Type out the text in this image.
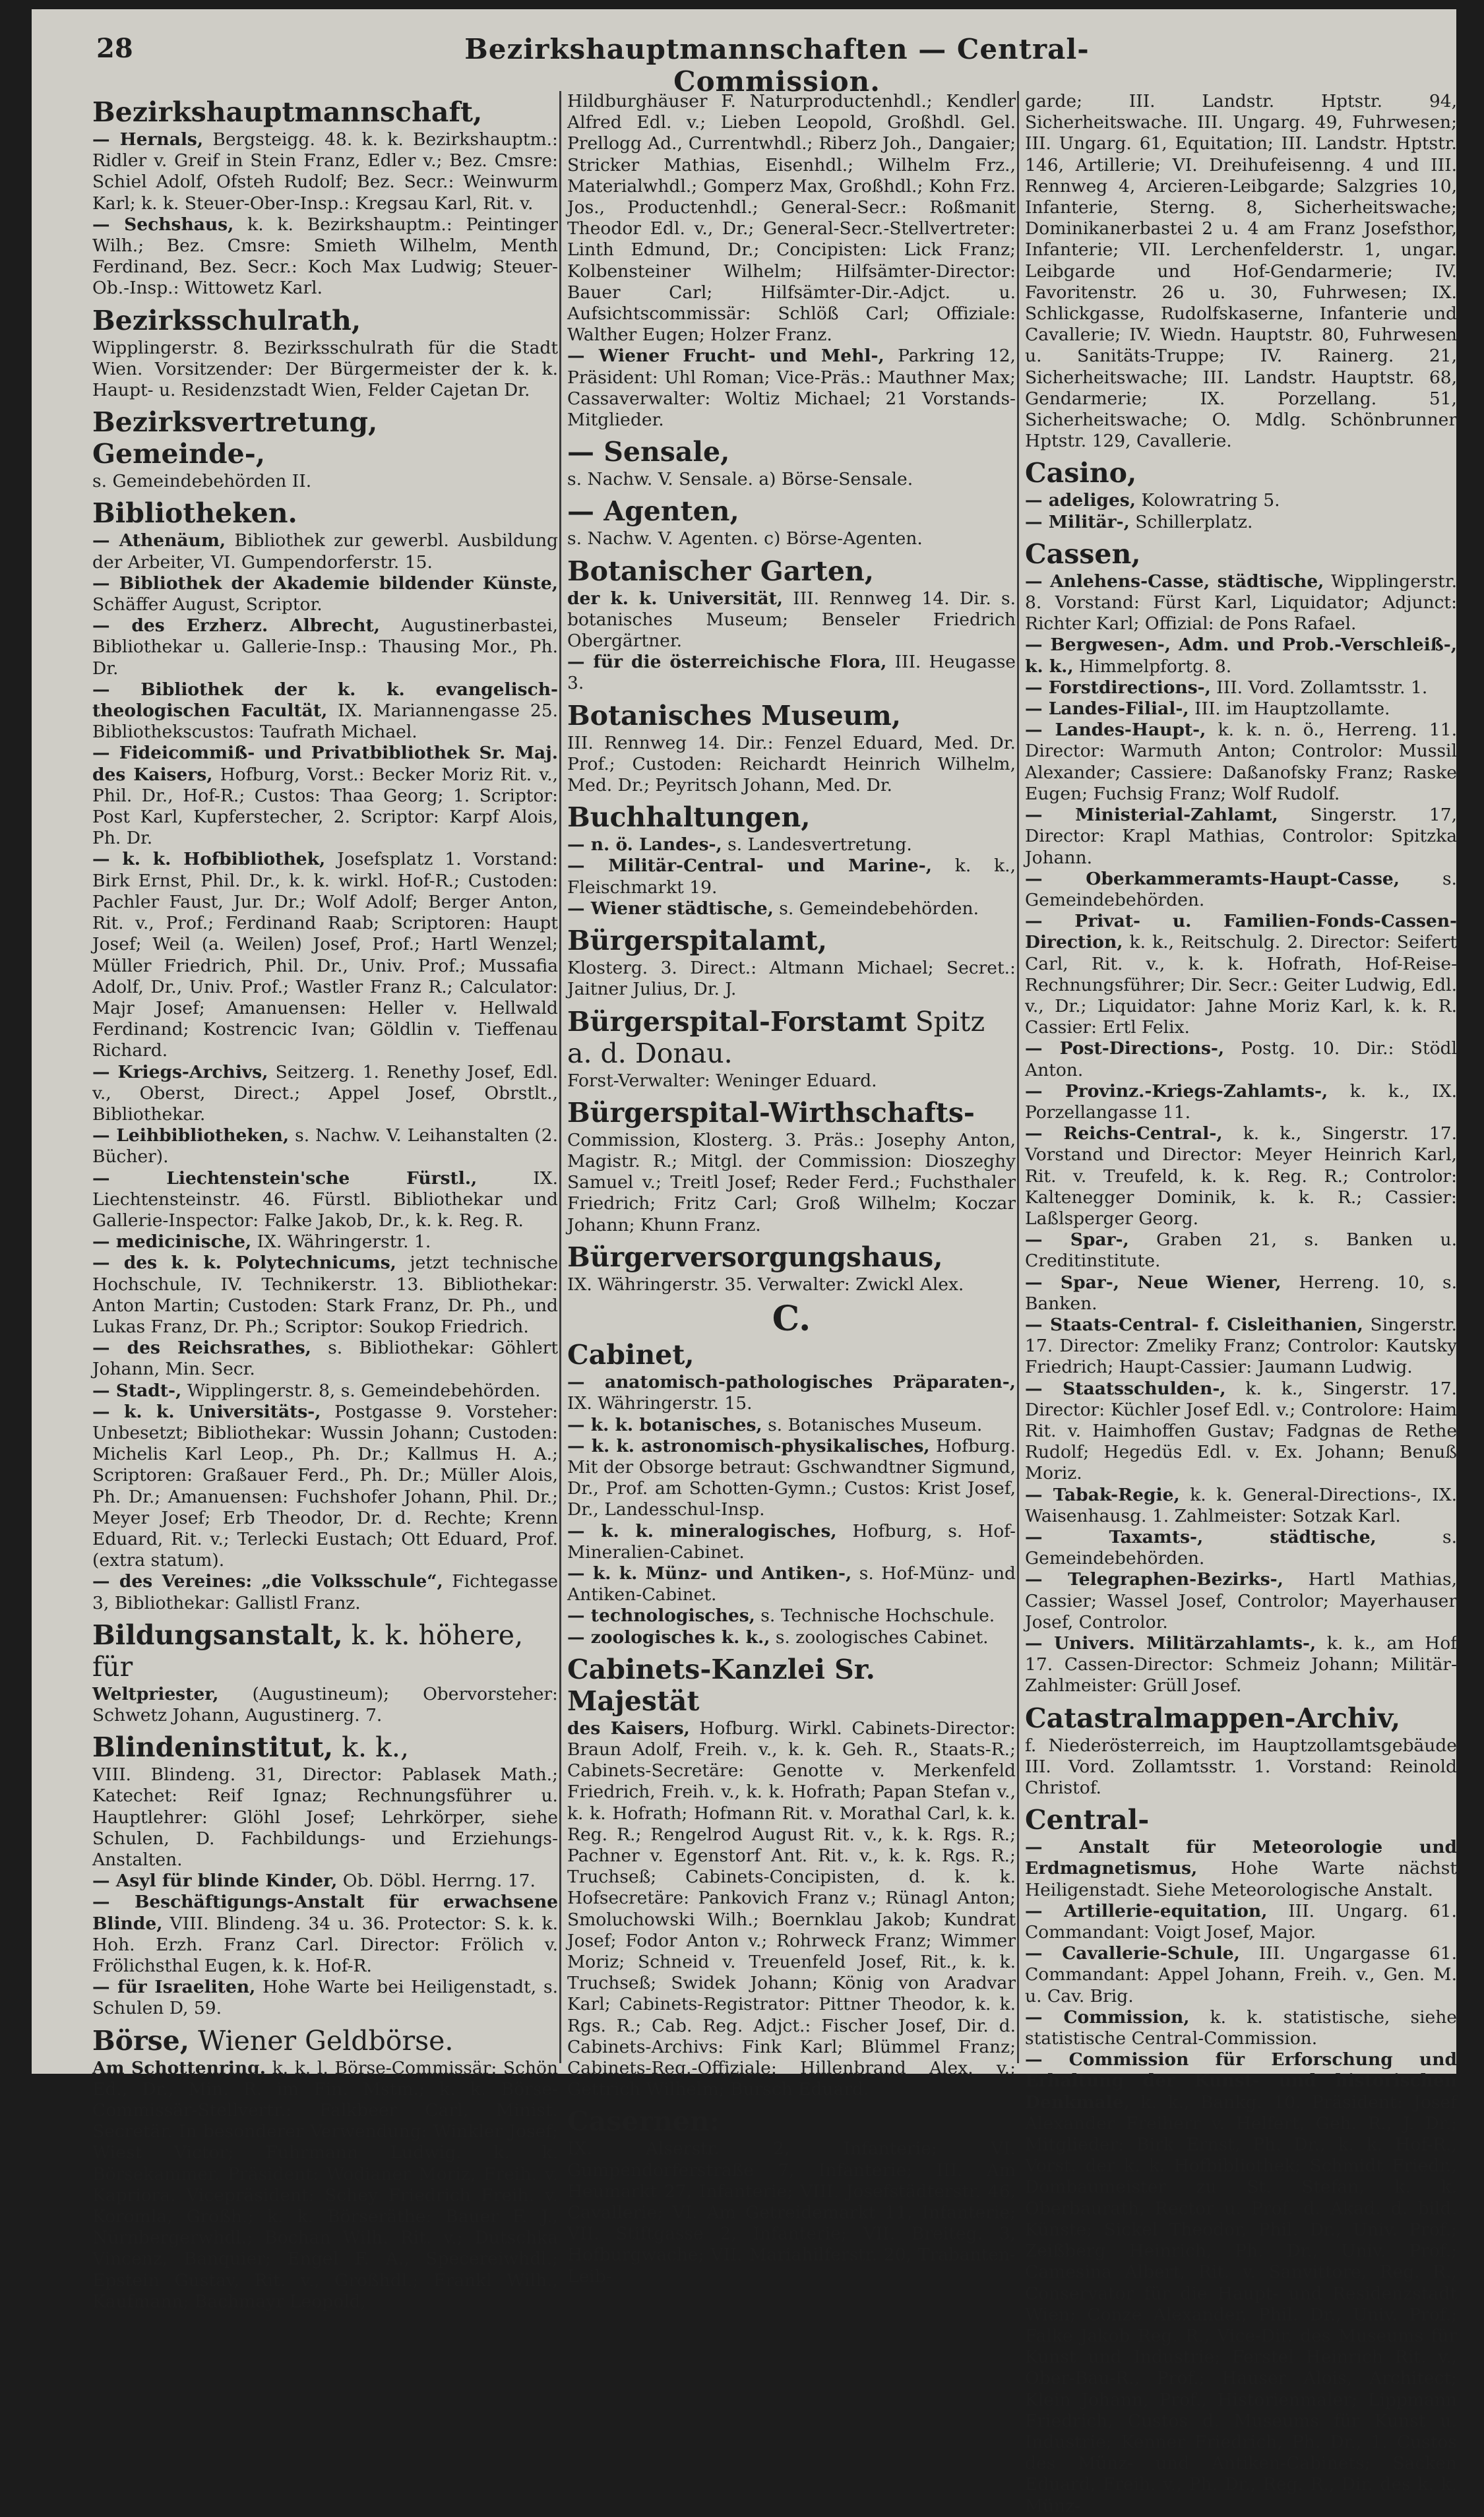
28	Bezirkshauptmannschaften — Central-Commission.
Bezirkshauptmannschaft,

— Hernals, Bergsteigg. 48. k. k. Bezirkshauptm.: Ridler v. Greif in Stein Franz, Edler v.; Bez. Cmsre: Schiel Adolf, Ofsteh Rudolf; Bez. Secr.: Weinwurm Karl; k. k. Steuer-Ober-Insp.: Kregsau Karl, Rit. v.

— Sechshaus, k. k. Bezirkshauptm.: Peintinger Wilh.; Bez. Cmsre: Smieth Wilhelm, Menth Ferdinand, Bez. Secr.: Koch Max Ludwig; Steuer-Ob.-Insp.: Wittowetz Karl.

Bezirksschulrath,

Wipplingerstr. 8. Bezirksschulrath für die Stadt Wien. Vorsitzender: Der Bürgermeister der k. k. Haupt- u. Residenzstadt Wien, Felder Cajetan Dr.

Bezirksvertretung, Gemeinde-,

s. Gemeindebehörden II.

Bibliotheken.

— Athenäum, Bibliothek zur gewerbl. Ausbildung der Arbeiter, VI. Gumpendorferstr. 15.

— Bibliothek der Akademie bildender Künste, Schäffer August, Scriptor.

— des Erzherz. Albrecht, Augustinerbastei, Bibliothekar u. Gallerie-Insp.: Thausing Mor., Ph. Dr.

— Bibliothek der k. k. evangelisch-theologischen Facultät, IX. Mariannengasse 25. Bibliothekscustos: Taufrath Michael.

— Fideicommiß- und Privatbibliothek Sr. Maj. des Kaisers, Hofburg, Vorst.: Becker Moriz Rit. v., Phil. Dr., Hof-R.; Custos: Thaa Georg; 1. Scriptor: Post Karl, Kupferstecher, 2. Scriptor: Karpf Alois, Ph. Dr.

— k. k. Hofbibliothek, Josefsplatz 1. Vorstand: Birk Ernst, Phil. Dr., k. k. wirkl. Hof-R.; Custoden: Pachler Faust, Jur. Dr.; Wolf Adolf; Berger Anton, Rit. v., Prof.; Ferdinand Raab; Scriptoren: Haupt Josef; Weil (a. Weilen) Josef, Prof.; Hartl Wenzel; Müller Friedrich, Phil. Dr., Univ. Prof.; Mussafia Adolf, Dr., Univ. Prof.; Wastler Franz R.; Calculator: Majr Josef; Amanuensen: Heller v. Hellwald Ferdinand; Kostrencic Ivan; Göldlin v. Tieffenau Richard.

— Kriegs-Archivs, Seitzerg. 1. Renethy Josef, Edl. v., Oberst, Direct.; Appel Josef, Obrstlt., Bibliothekar.

— Leihbibliotheken, s. Nachw. V. Leihanstalten (2. Bücher).

— Liechtenstein'sche Fürstl., IX. Liechtensteinstr. 46. Fürstl. Bibliothekar und Gallerie-Inspector: Falke Jakob, Dr., k. k. Reg. R.

— medicinische, IX. Währingerstr. 1.

— des k. k. Polytechnicums, jetzt technische Hochschule, IV. Technikerstr. 13. Bibliothekar: Anton Martin; Custoden: Stark Franz, Dr. Ph., und Lukas Franz, Dr. Ph.; Scriptor: Soukop Friedrich.

— des Reichsrathes, s. Bibliothekar: Göhlert Johann, Min. Secr.

— Stadt-, Wipplingerstr. 8, s. Gemeindebehörden.

— k. k. Universitäts-, Postgasse 9. Vorsteher: Unbesetzt; Bibliothekar: Wussin Johann; Custoden: Michelis Karl Leop., Ph. Dr.; Kallmus H. A.; Scriptoren: Graßauer Ferd., Ph. Dr.; Müller Alois, Ph. Dr.; Amanuensen: Fuchshofer Johann, Phil. Dr.; Meyer Josef; Erb Theodor, Dr. d. Rechte; Krenn Eduard, Rit. v.; Terlecki Eustach; Ott Eduard, Prof. (extra statum).

— des Vereines: „die Volksschule“, Fichtegasse 3, Bibliothekar: Gallistl Franz.

Bildungsanstalt, k. k. höhere, für

Weltpriester, (Augustineum); Obervorsteher: Schwetz Johann, Augustinerg. 7.

Blindeninstitut, k. k.,

VIII. Blindeng. 31, Director: Pablasek Math.; Katechet: Reif Ignaz; Rechnungsführer u. Hauptlehrer: Glöhl Josef; Lehrkörper, siehe Schulen, D. Fachbildungs- und Erziehungs-Anstalten.

— Asyl für blinde Kinder, Ob. Döbl. Herrng. 17.

— Beschäftigungs-Anstalt für erwachsene Blinde, VIII. Blindeng. 34 u. 36. Protector: S. k. k. Hoh. Erzh. Franz Carl. Director: Frölich v. Frölichsthal Eugen, k. k. Hof-R.

— für Israeliten, Hohe Warte bei Heiligenstadt, s. Schulen D, 59.

Börse, Wiener Geldbörse.

Am Schottenring. k. k. l. Börse-Commissär: Schön Ed., Dr., Min. R. im Fin. Mstm.; k. k. Börse-Commissär-Stellvertr.: Falkbeer Carl, Minist. Secretär. In besonderer Verwendung: Winkler Josef; Wiest Victor; Fuhrmann Ludwig. k. k. Börsekammer. Präsident: Wodianer Moriz, Freih. v. Kapriora. Vicepräsident: Schey Friedrich Freih. v. Koromla, Großh.; k. k. Börseräthe: Bauer F. J., Nürnbergerwhdl.; Bochan Wilh. Rit. v.; Dutschka Vincenz, Banquier; Engel F. A., Specereiwhdl.; Epstein Gustav, Rit. v., Großhdl.; Frankl Wilh., Kaufmann; Bachmayr Leopold,

Hildburghäuser F. Naturproductenhdl.; Kendler Alfred Edl. v.; Lieben Leopold, Großhdl. Gel. Prellogg Ad., Currentwhdl.; Riberz Joh., Dangaier; Stricker Mathias, Eisenhdl.; Wilhelm Frz., Materialwhdl.; Gomperz Max, Großhdl.; Kohn Frz. Jos., Productenhdl.; General-Secr.: Roßmanit Theodor Edl. v., Dr.; General-Secr.-Stellvertreter: Linth Edmund, Dr.; Concipisten: Lick Franz; Kolbensteiner Wilhelm; Hilfsämter-Director: Bauer Carl; Hilfsämter-Dir.-Adjct. u. Aufsichtscommissär: Schlöß Carl; Offiziale: Walther Eugen; Holzer Franz.

— Wiener Frucht- und Mehl-, Parkring 12, Präsident: Uhl Roman; Vice-Präs.: Mauthner Max; Cassaverwalter: Woltiz Michael; 21 Vorstands-Mitglieder.

— Sensale,

s. Nachw. V. Sensale. a) Börse-Sensale.

— Agenten,

s. Nachw. V. Agenten. c) Börse-Agenten.

Botanischer Garten,

der k. k. Universität, III. Rennweg 14. Dir. s. botanisches Museum; Benseler Friedrich Obergärtner.

— für die österreichische Flora, III. Heugasse 3.

Botanisches Museum,

III. Rennweg 14. Dir.: Fenzel Eduard, Med. Dr. Prof.; Custoden: Reichardt Heinrich Wilhelm, Med. Dr.; Peyritsch Johann, Med. Dr.

Buchhaltungen,

— n. ö. Landes-, s. Landesvertretung.

— Militär-Central- und Marine-, k. k., Fleischmarkt 19.

— Wiener städtische, s. Gemeindebehörden.

Bürgerspitalamt,

Klosterg. 3. Direct.: Altmann Michael; Secret.: Jaitner Julius, Dr. J.

Bürgerspital-Forstamt Spitz a. d. Donau.

Forst-Verwalter: Weninger Eduard.

Bürgerspital-Wirthschafts-

Commission, Klosterg. 3. Präs.: Josephy Anton, Magistr. R.; Mitgl. der Commission: Dioszeghy Samuel v.; Treitl Josef; Reder Ferd.; Fuchsthaler Friedrich; Fritz Carl; Groß Wilhelm; Koczar Johann; Khunn Franz.

Bürgerversorgungshaus,

IX. Währingerstr. 35. Verwalter: Zwickl Alex.

C.
Cabinet,

— anatomisch-pathologisches Präparaten-, IX. Währingerstr. 15.

— k. k. botanisches, s. Botanisches Museum.

— k. k. astronomisch-physikalisches, Hofburg. Mit der Obsorge betraut: Gschwandtner Sigmund, Dr., Prof. am Schotten-Gymn.; Custos: Krist Josef, Dr., Landesschul-Insp.

— k. k. mineralogisches, Hofburg, s. Hof-Mineralien-Cabinet.

— k. k. Münz- und Antiken-, s. Hof-Münz- und Antiken-Cabinet.

— technologisches, s. Technische Hochschule.

— zoologisches k. k., s. zoologisches Cabinet.

Cabinets-Kanzlei Sr. Majestät

des Kaisers, Hofburg. Wirkl. Cabinets-Director: Braun Adolf, Freih. v., k. k. Geh. R., Staats-R.; Cabinets-Secretäre: Genotte v. Merkenfeld Friedrich, Freih. v., k. k. Hofrath; Papan Stefan v., k. k. Hofrath; Hofmann Rit. v. Morathal Carl, k. k. Reg. R.; Rengelrod August Rit. v., k. k. Rgs. R.; Pachner v. Egenstorf Ant. Rit. v., k. k. Rgs. R.; Truchseß; Cabinets-Concipisten, d. k. k. Hofsecretäre: Pankovich Franz v.; Rünagl Anton; Smoluchowski Wilh.; Boernklau Jakob; Kundrat Josef; Fodor Anton v.; Rohrweck Franz; Wimmer Moriz; Schneid v. Treuenfeld Josef, Rit., k. k. Truchseß; Swidek Johann; König von Aradvar Karl; Cabinets-Registrator: Pittner Theodor, k. k. Rgs. R.; Cab. Reg. Adjct.: Fischer Josef, Dir. d. Cabinets-Archivs: Fink Karl; Blümmel Franz; Cabinets-Reg.-Offiziale: Hillenbrand Alex. v.; Gettrich Wilhelm; Bursch Eduard.

Casernen:

IX. Alserstr. 2, Infanterie; VI. Gumpendorferstraße 7, Infanterie; III. Am Heumarkt 27, Infanterie; VIII. Josefstädterstr. 46, Cavallerie; VI. Am Getreidemarkt 11, Infanterie; VII. Stiftgasse 2, Infanterie; VII. Breiteg. 3, Hofburgwache; VII. Mariahilferstr. 20, Trabanten-Leib-

garde; III. Landstr. Hptstr. 94, Sicherheitswache. III. Ungarg. 49, Fuhrwesen; III. Ungarg. 61, Equitation; III. Landstr. Hptstr. 146, Artillerie; VI. Dreihufeisenng. 4 und III. Rennweg 4, Arcieren-Leibgarde; Salzgries 10, Infanterie, Sterng. 8, Sicherheitswache; Dominikanerbastei 2 u. 4 am Franz Josefsthor, Infanterie; VII. Lerchenfelderstr. 1, ungar. Leibgarde und Hof-Gendarmerie; IV. Favoritenstr. 26 u. 30, Fuhrwesen; IX. Schlickgasse, Rudolfskaserne, Infanterie und Cavallerie; IV. Wiedn. Hauptstr. 80, Fuhrwesen u. Sanitäts-Truppe; IV. Rainerg. 21, Sicherheitswache; III. Landstr. Hauptstr. 68, Gendarmerie; IX. Porzellang. 51, Sicherheitswache; O. Mdlg. Schönbrunner Hptstr. 129, Cavallerie.

Casino,

— adeliges, Kolowratring 5.

— Militär-, Schillerplatz.

Cassen,

— Anlehens-Casse, städtische, Wipplingerstr. 8. Vorstand: Fürst Karl, Liquidator; Adjunct: Richter Karl; Offizial: de Pons Rafael.

— Bergwesen-, Adm. und Prob.-Verschleiß-, k. k., Himmelpfortg. 8.

— Forstdirections-, III. Vord. Zollamtsstr. 1.

— Landes-Filial-, III. im Hauptzollamte.

— Landes-Haupt-, k. k. n. ö., Herreng. 11. Director: Warmuth Anton; Controlor: Mussil Alexander; Cassiere: Daßanofsky Franz; Raske Eugen; Fuchsig Franz; Wolf Rudolf.

— Ministerial-Zahlamt, Singerstr. 17, Director: Krapl Mathias, Controlor: Spitzka Johann.

— Oberkammeramts-Haupt-Casse, s. Gemeindebehörden.

— Privat- u. Familien-Fonds-Cassen-Direction, k. k., Reitschulg. 2. Director: Seifert Carl, Rit. v., k. k. Hofrath, Hof-Reise-Rechnungsführer; Dir. Secr.: Geiter Ludwig, Edl. v., Dr.; Liquidator: Jahne Moriz Karl, k. k. R. Cassier: Ertl Felix.

— Post-Directions-, Postg. 10. Dir.: Stödl Anton.

— Provinz.-Kriegs-Zahlamts-, k. k., IX. Porzellangasse 11.

— Reichs-Central-, k. k., Singerstr. 17. Vorstand und Director: Meyer Heinrich Karl, Rit. v. Treufeld, k. k. Reg. R.; Controlor: Kaltenegger Dominik, k. k. R.; Cassier: Laßlsperger Georg.

— Spar-, Graben 21, s. Banken u. Creditinstitute.

— Spar-, Neue Wiener, Herreng. 10, s. Banken.

— Staats-Central- f. Cisleithanien, Singerstr. 17. Director: Zmeliky Franz; Controlor: Kautsky Friedrich; Haupt-Cassier: Jaumann Ludwig.

— Staatsschulden-, k. k., Singerstr. 17. Director: Küchler Josef Edl. v.; Controlore: Haim Rit. v. Haimhoffen Gustav; Fadgnas de Rethe Rudolf; Hegedüs Edl. v. Ex. Johann; Benuß Moriz.

— Tabak-Regie, k. k. General-Directions-, IX. Waisenhausg. 1. Zahlmeister: Sotzak Karl.

— Taxamts-, städtische, s. Gemeindebehörden.

— Telegraphen-Bezirks-, Hartl Mathias, Cassier; Wassel Josef, Controlor; Mayerhauser Josef, Controlor.

— Univers. Militärzahlamts-, k. k., am Hof 17. Cassen-Director: Schmeiz Johann; Militär-Zahlmeister: Grüll Josef.

Catastralmappen-Archiv,

f. Niederösterreich, im Hauptzollamtsgebäude III. Vord. Zollamtsstr. 1. Vorstand: Reinold Christof.

Central-

— Anstalt für Meteorologie und Erdmagnetismus, Hohe Warte nächst Heiligenstadt. Siehe Meteorologische Anstalt.

— Artillerie-equitation, III. Ungarg. 61. Commandant: Voigt Josef, Major.

— Cavallerie-Schule, III. Ungargasse 61. Commandant: Appel Johann, Freih. v., Gen. M. u. Cav. Brig.

— Commission, k. k. statistische, siehe statistische Central-Commission.

— Commission für Erforschung und Erhaltung der Kunst- und historischen Denkmale, k. k., Bankg. 10. Präsident: Josef Alexander Freiherr v. Helfert, Geh. R., J. Dr.; Mitglieder: Birk Ernst, Ph. Dr., k. k. Hof-R., Vorst. der k. k. Hofbibliothek; Schmidt Friedr., Dombaumeister zu St. Stefan, k. k. Oberbaurath, Rector u. Prof. d. Akad. d. bild. Künste; Sickel Theodor, Phil. Dr., Univ. Prof.; Zeißberg Heinrich, Ph. Dr., Univ. Prof.; Camesina Albert, Rit. v. Sanvittore, Reg. R., Conservator für die Haupt- und Residenzstadt Wien; Conze Alexander, Phil. Dr., Univ. Prof.; Falke Jakob Reg. R., Vice-Dir. des Museums für Kunst und Industrie; Ferstel Heinrich Rit. v., Ober-Bau-R., Prof.; Hauser Alois, Architect; Klein Johann, Prof., Historienmaler; Lippmann Friedrich, Custos d. Museums für Kunst u. Industrie; Kenner Friedrich, Ph. Dr., 1. Custos des Münz- und Antiken-Cabinets; Sacken Eduard, Freih. v., Ph. Dr., Reg. R., Dir. des k. k. Münz-
